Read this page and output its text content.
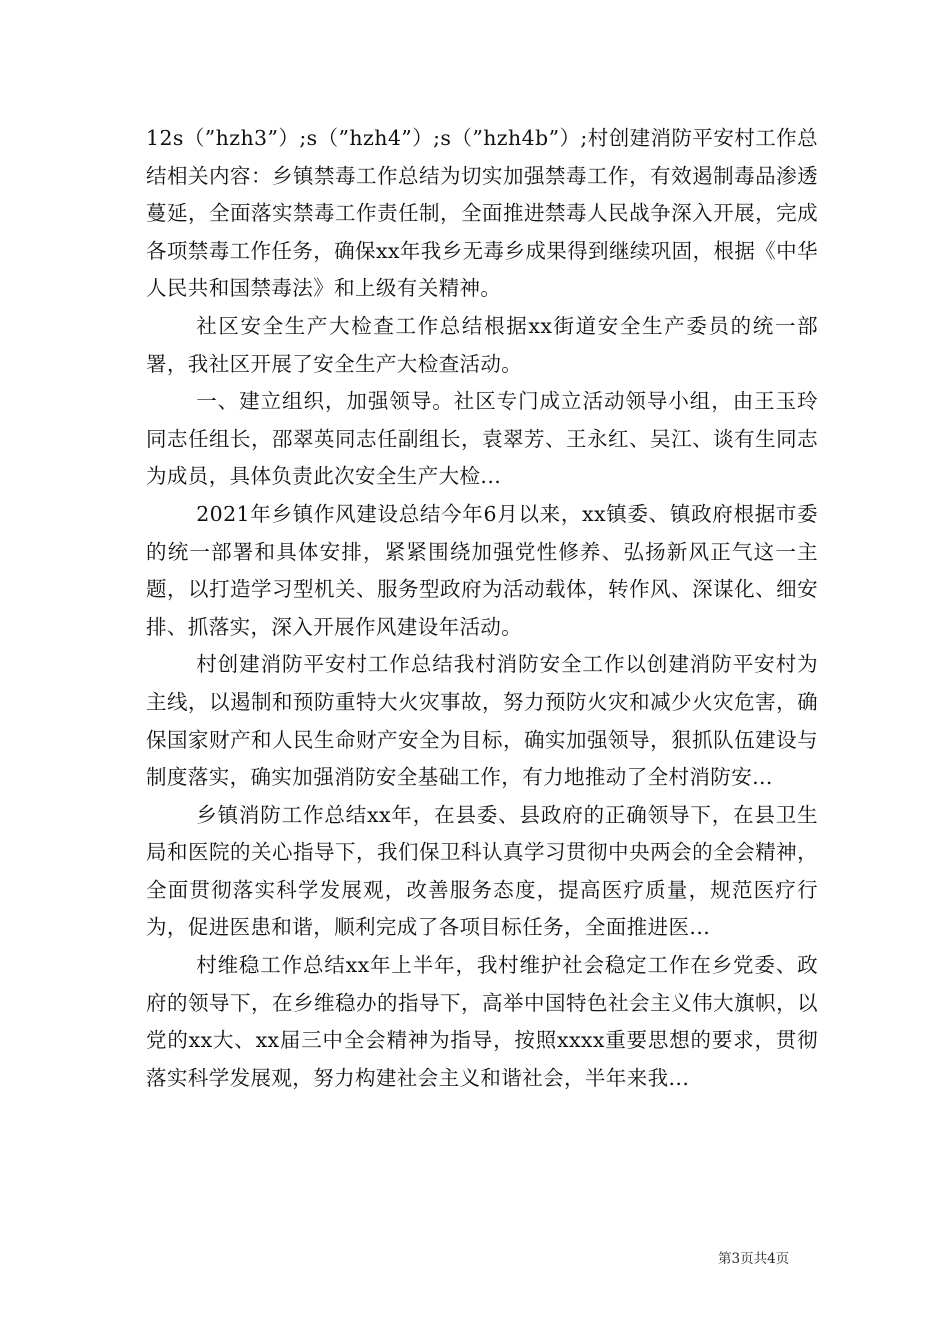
12s（”hzh3”）;s（”hzh4”）;s（”hzh4b”）;村创建消防平安村工作总结相关内容：乡镇禁毒工作总结为切实加强禁毒工作，有效遏制毒品渗透蔓延，全面落实禁毒工作责任制，全面推进禁毒人民战争深入开展，完成各项禁毒工作任务，确保xx年我乡无毒乡成果得到继续巩固，根据《中华人民共和国禁毒法》和上级有关精神。

社区安全生产大检查工作总结根据xx街道安全生产委员的统一部署，我社区开展了安全生产大检查活动。

一、建立组织，加强领导。社区专门成立活动领导小组，由王玉玲同志任组长，邵翠英同志任副组长，袁翠芳、王永红、吴江、谈有生同志为成员，具体负责此次安全生产大检...

2021年乡镇作风建设总结今年6月以来，xx镇委、镇政府根据市委的统一部署和具体安排，紧紧围绕加强党性修养、弘扬新风正气这一主题，以打造学习型机关、服务型政府为活动载体，转作风、深谋化、细安排、抓落实，深入开展作风建设年活动。

村创建消防平安村工作总结我村消防安全工作以创建消防平安村为主线，以遏制和预防重特大火灾事故，努力预防火灾和减少火灾危害，确保国家财产和人民生命财产安全为目标，确实加强领导，狠抓队伍建设与制度落实，确实加强消防安全基础工作，有力地推动了全村消防安...

乡镇消防工作总结xx年，在县委、县政府的正确领导下，在县卫生局和医院的关心指导下，我们保卫科认真学习贯彻中央两会的全会精神，全面贯彻落实科学发展观，改善服务态度，提高医疗质量，规范医疗行为，促进医患和谐，顺利完成了各项目标任务，全面推进医...

村维稳工作总结xx年上半年，我村维护社会稳定工作在乡党委、政府的领导下，在乡维稳办的指导下，高举中国特色社会主义伟大旗帜，以党的xx大、xx届三中全会精神为指导，按照xxxx重要思想的要求，贯彻落实科学发展观，努力构建社会主义和谐社会，半年来我...

第3页共4页
